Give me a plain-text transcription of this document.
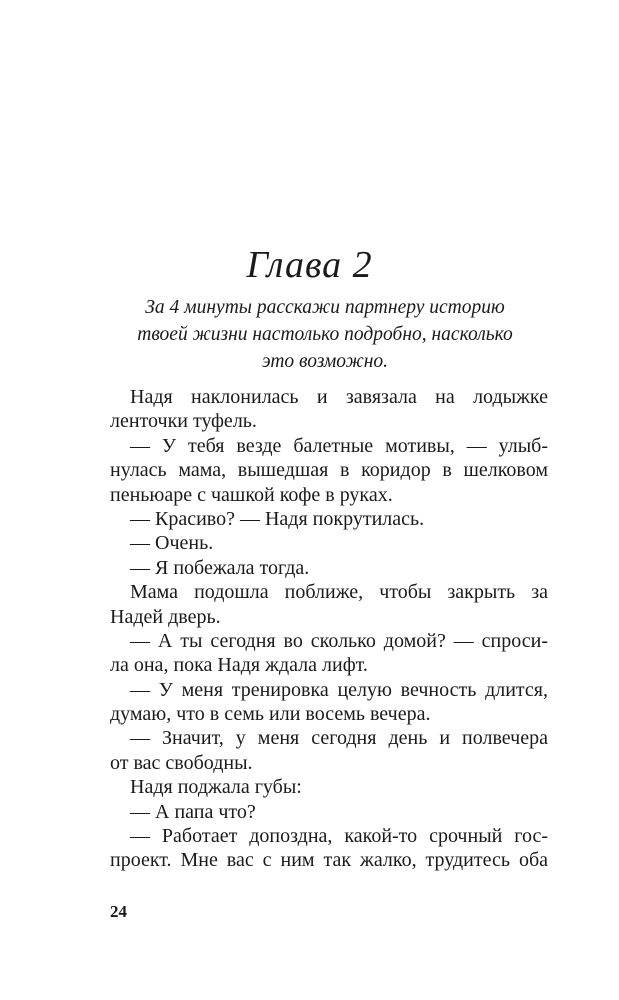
Глава 2
За 4 минуты расскажи партнеру историю
твоей жизни настолько подробно, насколько
это возможно.
Надя наклонилась и завязала на лодыжке
ленточки туфель.
— У тебя везде балетные мотивы, — улыб-
нулась мама, вышедшая в коридор в шелковом
пеньюаре с чашкой кофе в руках.
— Красиво? — Надя покрутилась.
— Очень.
— Я побежала тогда.
Мама подошла поближе, чтобы закрыть за
Надей дверь.
— А ты сегодня во сколько домой? — спроси-
ла она, пока Надя ждала лифт.
— У меня тренировка целую вечность длится,
думаю, что в семь или восемь вечера.
— Значит, у меня сегодня день и полвечера
от вас свободны.
Надя поджала губы:
— А папа что?
— Работает допоздна, какой-то срочный гос-
проект. Мне вас с ним так жалко, трудитесь оба
24
